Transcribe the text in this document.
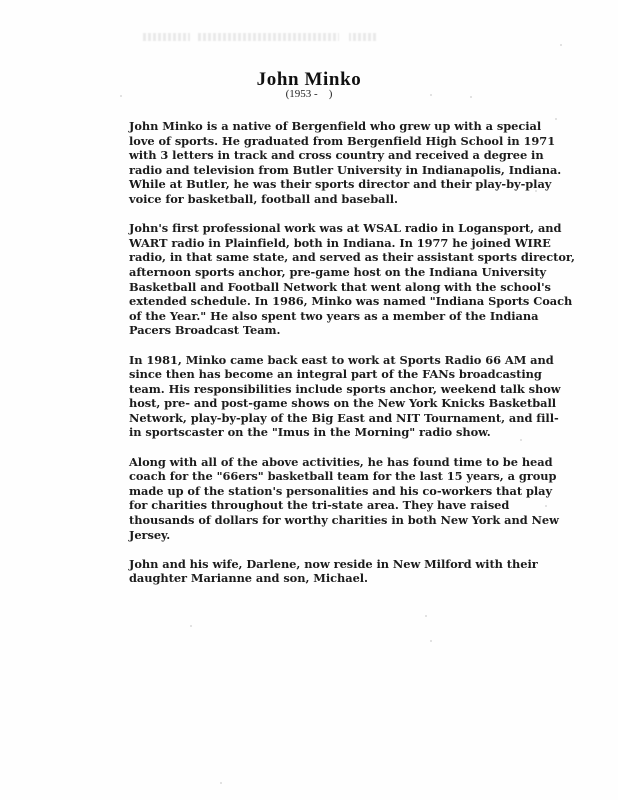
John Minko
(1953 -    )

John Minko is a native of Bergenfield who grew up with a special
love of sports. He graduated from Bergenfield High School in 1971
with 3 letters in track and cross country and received a degree in
radio and television from Butler University in Indianapolis, Indiana.
While at Butler, he was their sports director and their play-by-play
voice for basketball, football and baseball.

John's first professional work was at WSAL radio in Logansport, and
WART radio in Plainfield, both in Indiana. In 1977 he joined WIRE
radio, in that same state, and served as their assistant sports director,
afternoon sports anchor, pre-game host on the Indiana University
Basketball and Football Network that went along with the school's
extended schedule. In 1986, Minko was named "Indiana Sports Coach
of the Year." He also spent two years as a member of the Indiana
Pacers Broadcast Team.

In 1981, Minko came back east to work at Sports Radio 66 AM and
since then has become an integral part of the FANs broadcasting
team. His responsibilities include sports anchor, weekend talk show
host, pre- and post-game shows on the New York Knicks Basketball
Network, play-by-play of the Big East and NIT Tournament, and fill-
in sportscaster on the "Imus in the Morning" radio show.

Along with all of the above activities, he has found time to be head
coach for the "66ers" basketball team for the last 15 years, a group
made up of the station's personalities and his co-workers that play
for charities throughout the tri-state area. They have raised
thousands of dollars for worthy charities in both New York and New
Jersey.

John and his wife, Darlene, now reside in New Milford with their
daughter Marianne and son, Michael.
